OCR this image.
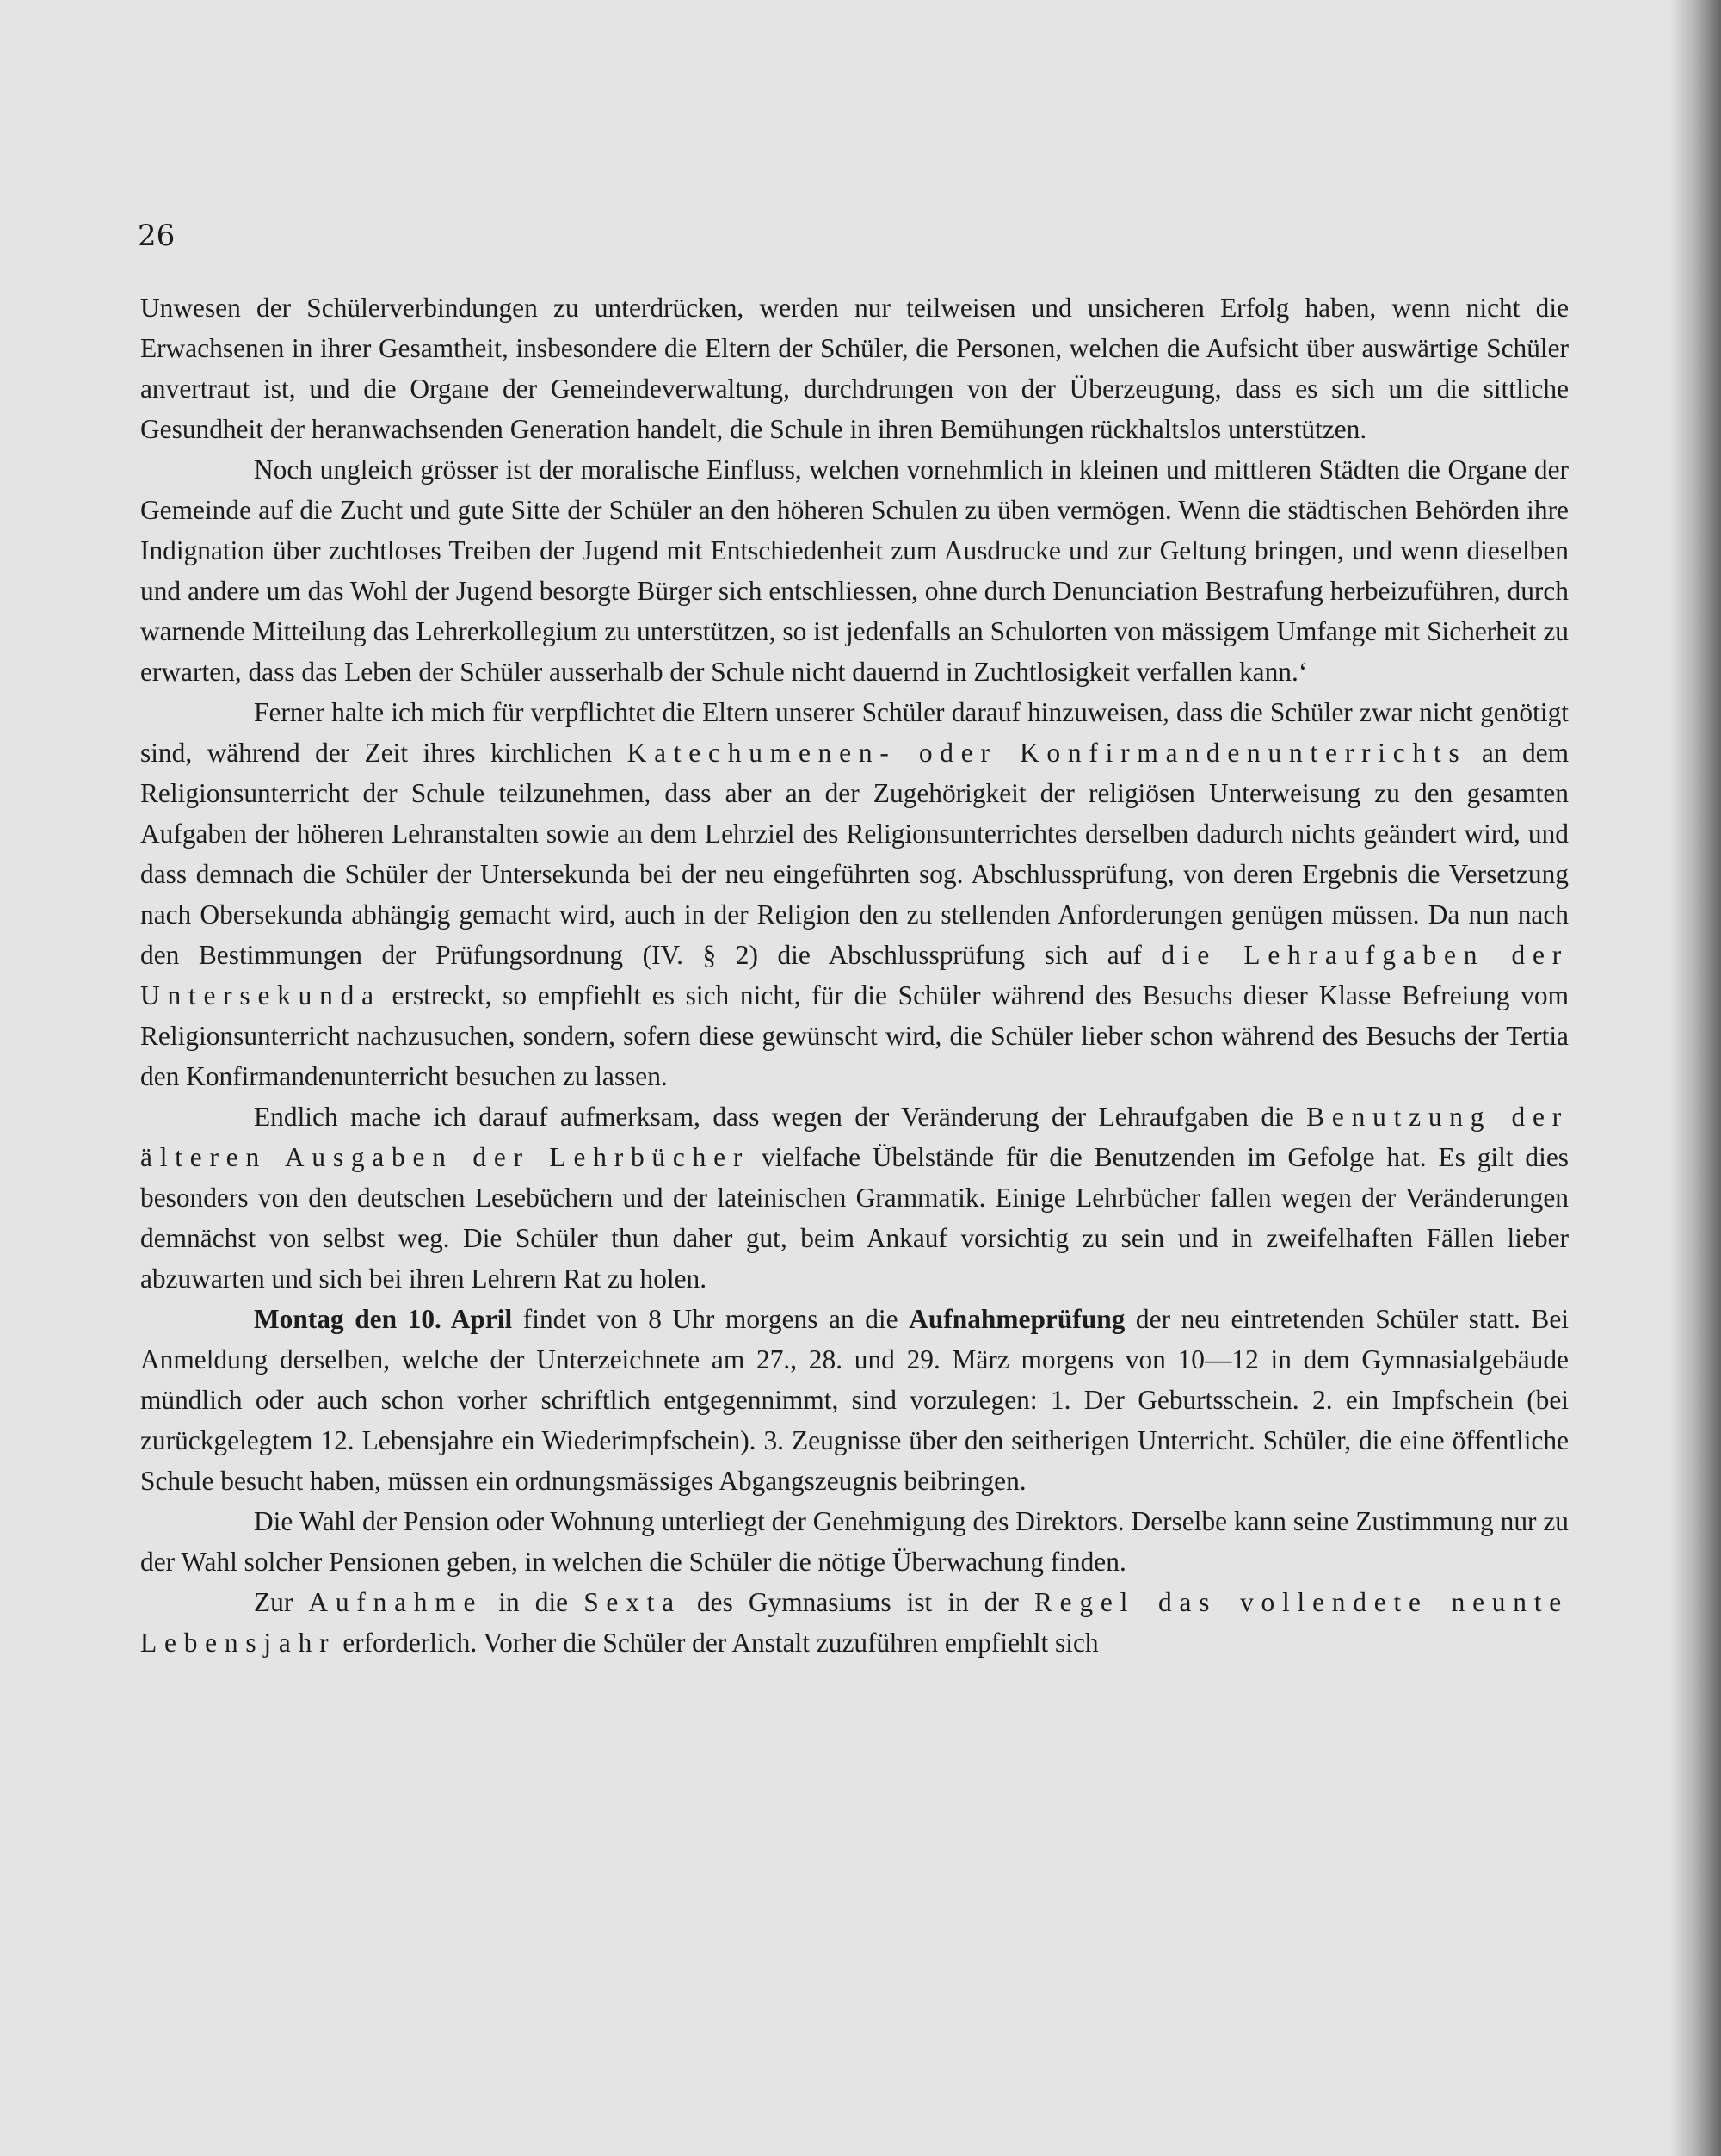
26

Unwesen der Schülerverbindungen zu unterdrücken, werden nur teilweisen und unsicheren Erfolg haben, wenn nicht die Erwachsenen in ihrer Gesamtheit, insbesondere die Eltern der Schüler, die Personen, welchen die Aufsicht über auswärtige Schüler anvertraut ist, und die Organe der Gemeindeverwaltung, durchdrungen von der Überzeugung, dass es sich um die sittliche Gesundheit der heranwachsenden Generation handelt, die Schule in ihren Bemühungen rückhaltslos unterstützen.

Noch ungleich grösser ist der moralische Einfluss, welchen vornehmlich in kleinen und mittleren Städten die Organe der Gemeinde auf die Zucht und gute Sitte der Schüler an den höheren Schulen zu üben vermögen. Wenn die städtischen Behörden ihre Indignation über zuchtloses Treiben der Jugend mit Entschiedenheit zum Ausdrucke und zur Geltung bringen, und wenn dieselben und andere um das Wohl der Jugend besorgte Bürger sich entschliessen, ohne durch Denunciation Bestrafung herbeizuführen, durch warnende Mitteilung das Lehrerkollegium zu unterstützen, so ist jedenfalls an Schulorten von mässigem Umfange mit Sicherheit zu erwarten, dass das Leben der Schüler ausserhalb der Schule nicht dauernd in Zuchtlosigkeit verfallen kann.‘

Ferner halte ich mich für verpflichtet die Eltern unserer Schüler darauf hinzuweisen, dass die Schüler zwar nicht genötigt sind, während der Zeit ihres kirchlichen Katechumenen- oder Konfirmandenunterrichts an dem Religionsunterricht der Schule teilzunehmen, dass aber an der Zugehörigkeit der religiösen Unterweisung zu den gesamten Aufgaben der höheren Lehranstalten sowie an dem Lehrziel des Religionsunterrichtes derselben dadurch nichts geändert wird, und dass demnach die Schüler der Untersekunda bei der neu eingeführten sog. Abschlussprüfung, von deren Ergebnis die Versetzung nach Obersekunda abhängig gemacht wird, auch in der Religion den zu stellenden Anforderungen genügen müssen. Da nun nach den Bestimmungen der Prüfungsordnung (IV. § 2) die Abschlussprüfung sich auf die Lehraufgaben der Untersekunda erstreckt, so empfiehlt es sich nicht, für die Schüler während des Besuchs dieser Klasse Befreiung vom Religionsunterricht nachzusuchen, sondern, sofern diese gewünscht wird, die Schüler lieber schon während des Besuchs der Tertia den Konfirmandenunterricht besuchen zu lassen.

Endlich mache ich darauf aufmerksam, dass wegen der Veränderung der Lehraufgaben die Benutzung der älteren Ausgaben der Lehrbücher vielfache Übelstände für die Benutzenden im Gefolge hat. Es gilt dies besonders von den deutschen Lesebüchern und der lateinischen Grammatik. Einige Lehrbücher fallen wegen der Veränderungen demnächst von selbst weg. Die Schüler thun daher gut, beim Ankauf vorsichtig zu sein und in zweifelhaften Fällen lieber abzuwarten und sich bei ihren Lehrern Rat zu holen.

Montag den 10. April findet von 8 Uhr morgens an die Aufnahmeprüfung der neu eintretenden Schüler statt. Bei Anmeldung derselben, welche der Unterzeichnete am 27., 28. und 29. März morgens von 10—12 in dem Gymnasialgebäude mündlich oder auch schon vorher schriftlich entgegennimmt, sind vorzulegen: 1. Der Geburtsschein. 2. ein Impfschein (bei zurückgelegtem 12. Lebensjahre ein Wiederimpfschein). 3. Zeugnisse über den seitherigen Unterricht. Schüler, die eine öffentliche Schule besucht haben, müssen ein ordnungsmässiges Abgangszeugnis beibringen.

Die Wahl der Pension oder Wohnung unterliegt der Genehmigung des Direktors. Derselbe kann seine Zustimmung nur zu der Wahl solcher Pensionen geben, in welchen die Schüler die nötige Überwachung finden.

Zur Aufnahme in die Sexta des Gymnasiums ist in der Regel das vollendete neunte Lebensjahr erforderlich. Vorher die Schüler der Anstalt zuzuführen empfiehlt sich
